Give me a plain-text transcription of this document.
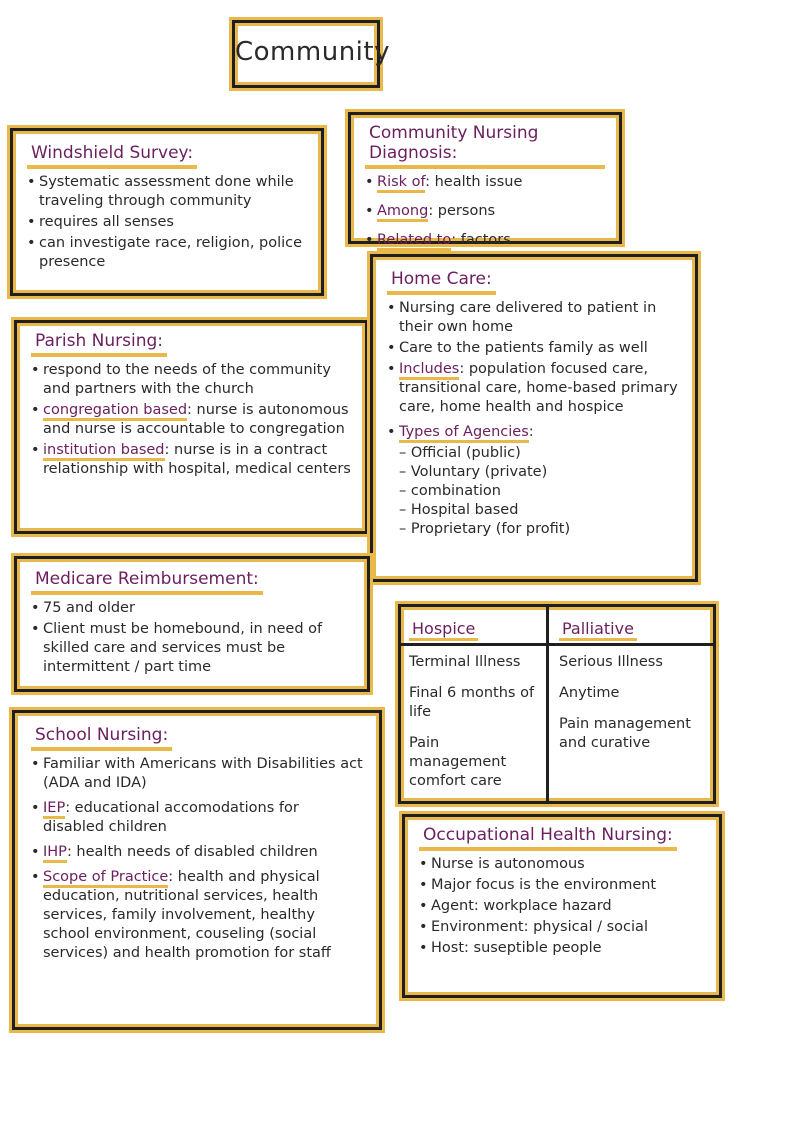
Community
Windshield Survey:
• Systematic assessment done while traveling through community
• requires all senses
• can investigate race, religion, police presence
Community Nursing Diagnosis:
• Risk of: health issue
• Among: persons
• Related to: factors
Parish Nursing:
• respond to the needs of the community and partners with the church
• congregation based: nurse is autonomous and nurse is accountable to congregation
• institution based: nurse is in a contract relationship with hospital, medical centers
Home Care:
• Nursing care delivered to patient in their own home
• Care to the patients family as well
• Includes: population focused care, transitional care, home-based primary care, home health and hospice
• Types of Agencies:
– Official (public)
– Voluntary (private)
– combination
– Hospital based
– Proprietary (for profit)
Medicare Reimbursement:
• 75 and older
• Client must be homebound, in need of skilled care and services must be intermittent / part time
Hospice
Terminal Illness
Final 6 months of life
Pain management comfort care
Palliative
Serious Illness
Anytime
Pain management and curative
School Nursing:
• Familiar with Americans with Disabilities act (ADA and IDA)
• IEP: educational accomodations for disabled children
• IHP: health needs of disabled children
• Scope of Practice: health and physical education, nutritional services, health services, family involvement, healthy school environment, couseling (social services) and health promotion for staff
Occupational Health Nursing:
• Nurse is autonomous
• Major focus is the environment
• Agent: workplace hazard
• Environment: physical / social
• Host: suseptible people
